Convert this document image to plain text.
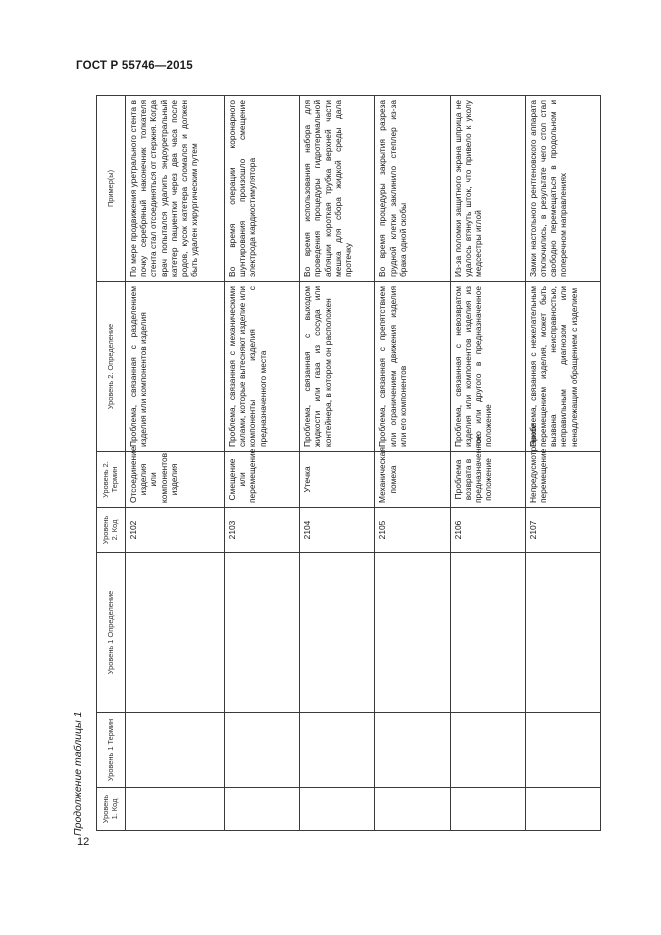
ГОСТ Р 55746—2015
Продолжение таблицы 1	Уровень 1. Код	Уровень 1 Термин	Уровень 1 Определение	Уровень 2. Код	Уровень 2. Термин	Уровень 2. Определение	Пример(ы)
			2102	Отсоединение изделия или компонентов изделия	Проблема, связанная с разделением изделия или компонентов изделия	По мере продвижения уретрального стента в почку серебряный наконечник толкателя стента стал отсоединяться от стержня. Когда врач попытался удалить эндоуретральный катетер пациентки через два часа после родов, кусок катетера сломался и должен быть удален хирургическим путем
			2103	Смещение или перемещение	Проблема, связанная с механическими силами, которые вытесняют изделие или компоненты изделия с предназначенного места	Во время операции коронарного шунтирования произошло смещение электрода кардиостимулятора
			2104	Утечка	Проблема, связанная с выходом жидкости или газа из сосуда или контейнера, в котором он расположен	Во время использования набора для проведения процедуры гидротермальной абляции короткая трубка верхней части мешка для сбора жидкой среды дала протечку
			2105	Механическая помеха	Проблема, связанная с препятствием или ограничением движения изделия или его компонентов	Во время процедуры закрытия разреза грудной клетки заклинило степлер из-за брака одной скобы
			2106	Проблема возврата в предназначенное положение	Проблема, связанная с невозвратом изделия или компонентов изделия из того или другого в предназначенное положение	Из-за поломки защитного экрана шприца не удалось втянуть шток, что привело к уколу медсестры иглой
			2107	Непредусмотренное перемещение	Проблема, связанная с нежелательным перемещением изделия, может быть вызвана неисправностью, неправильным диагнозом или ненадлежащим обращением с изделием	Замки настольного рентгеновского аппарата отключились, в результате чего стол стал свободно перемещаться в продольном и поперечном направлениях
12
